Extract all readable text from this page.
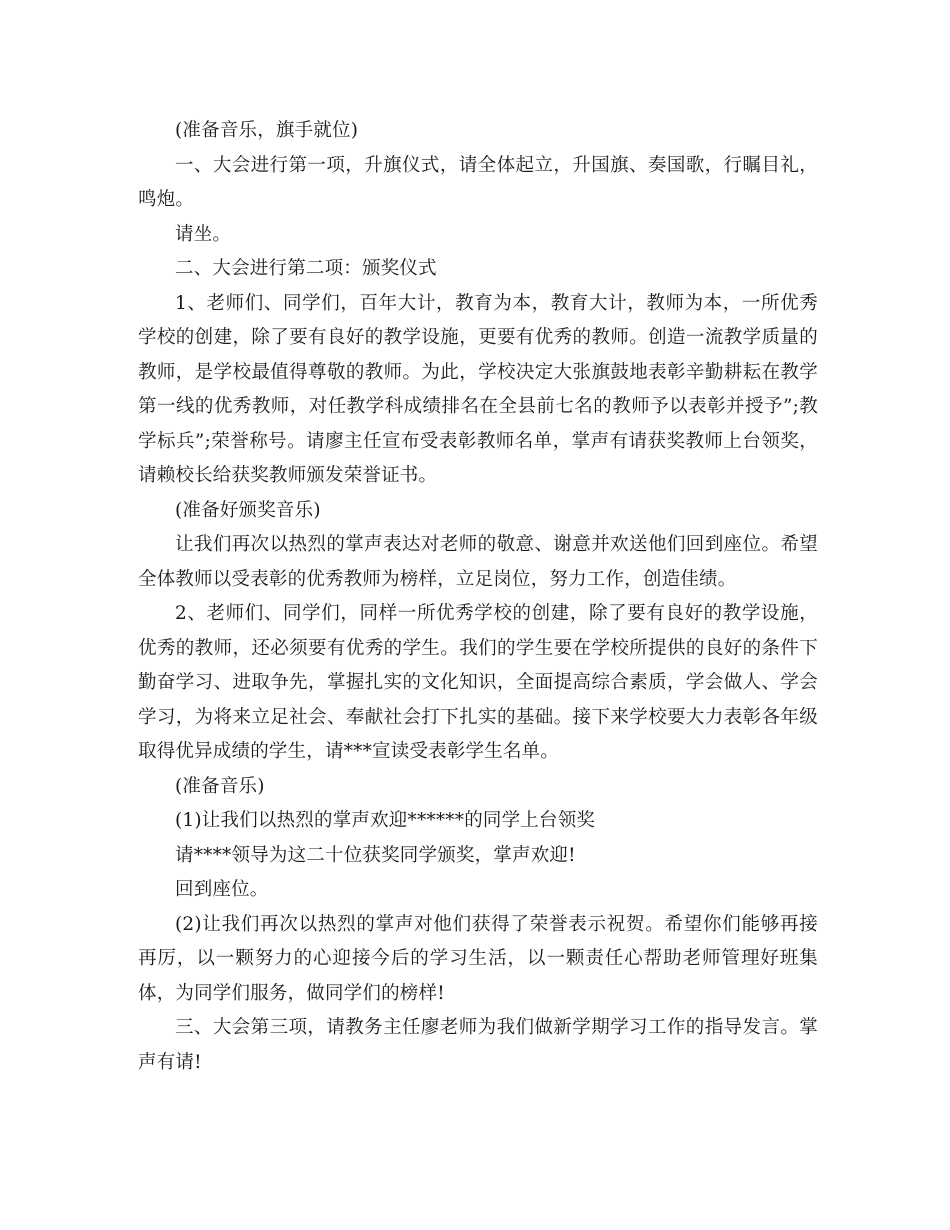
(准备音乐，旗手就位)

一、大会进行第一项，升旗仪式，请全体起立，升国旗、奏国歌，行瞩目礼，鸣炮。

请坐。

二、大会进行第二项：颁奖仪式

1、老师们、同学们，百年大计，教育为本，教育大计，教师为本，一所优秀学校的创建，除了要有良好的教学设施，更要有优秀的教师。创造一流教学质量的教师，是学校最值得尊敬的教师。为此，学校决定大张旗鼓地表彰辛勤耕耘在教学第一线的优秀教师，对任教学科成绩排名在全县前七名的教师予以表彰并授予”;教学标兵”;荣誉称号。请廖主任宣布受表彰教师名单，掌声有请获奖教师上台领奖，请赖校长给获奖教师颁发荣誉证书。

(准备好颁奖音乐)

让我们再次以热烈的掌声表达对老师的敬意、谢意并欢送他们回到座位。希望全体教师以受表彰的优秀教师为榜样，立足岗位，努力工作，创造佳绩。

2、老师们、同学们，同样一所优秀学校的创建，除了要有良好的教学设施，优秀的教师，还必须要有优秀的学生。我们的学生要在学校所提供的良好的条件下勤奋学习、进取争先，掌握扎实的文化知识，全面提高综合素质，学会做人、学会学习，为将来立足社会、奉献社会打下扎实的基础。接下来学校要大力表彰各年级取得优异成绩的学生，请***宣读受表彰学生名单。

(准备音乐)

(1)让我们以热烈的掌声欢迎******的同学上台领奖

请****领导为这二十位获奖同学颁奖，掌声欢迎!

回到座位。

(2)让我们再次以热烈的掌声对他们获得了荣誉表示祝贺。希望你们能够再接再厉，以一颗努力的心迎接今后的学习生活，以一颗责任心帮助老师管理好班集体，为同学们服务，做同学们的榜样!

三、大会第三项，请教务主任廖老师为我们做新学期学习工作的指导发言。掌声有请!
